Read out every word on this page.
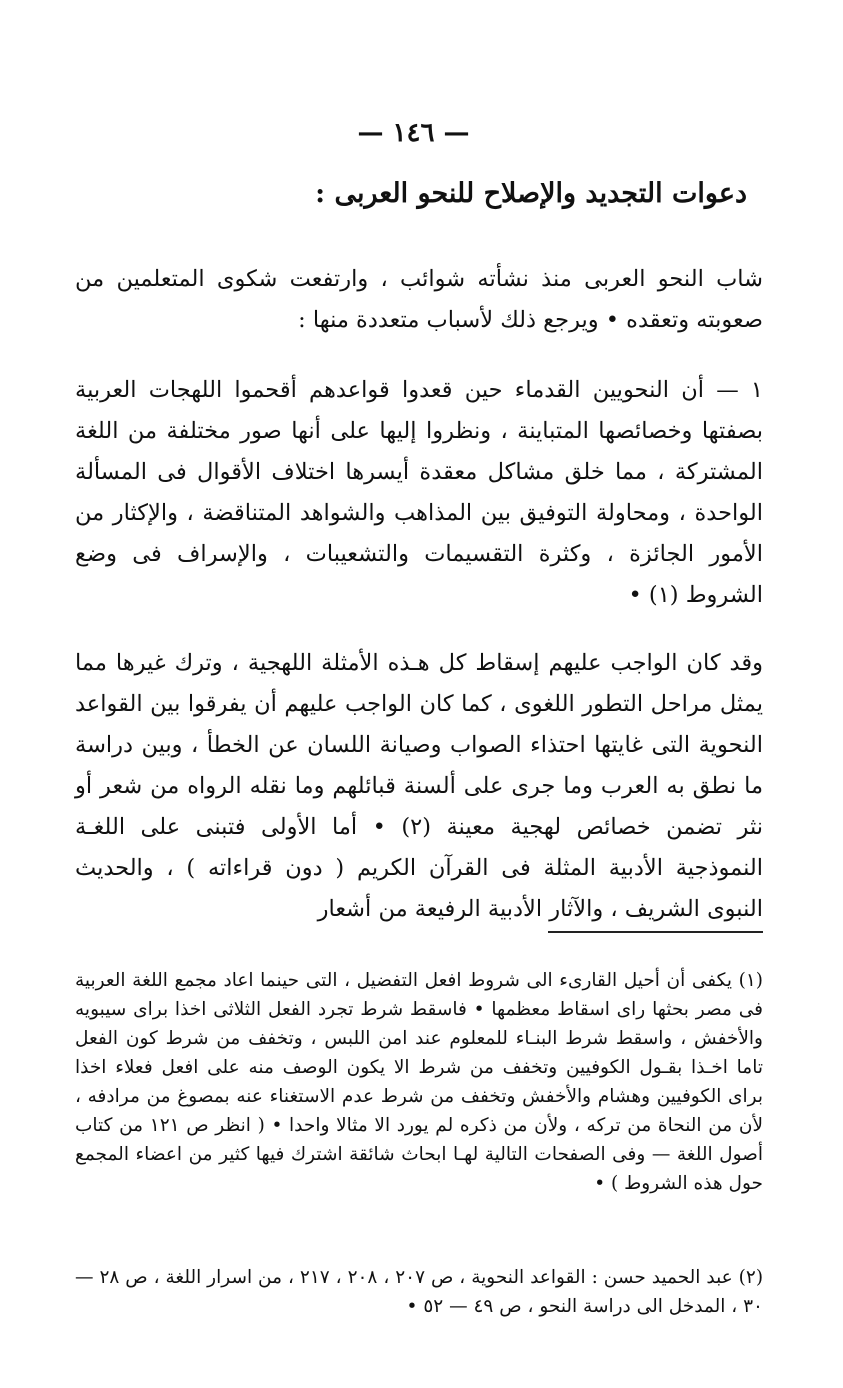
— ١٤٦ —
دعوات التجديد والإصلاح للنحو العربى :

شاب النحو العربى منذ نشأته شوائب ، وارتفعت شكوى المتعلمين من صعوبته وتعقده • ويرجع ذلك لأسباب متعددة منها :

١ — أن النحويين القدماء حين قعدوا قواعدهم أقحموا اللهجات العربية بصفتها وخصائصها المتباينة ، ونظروا إليها على أنها صور مختلفة من اللغة المشتركة ، مما خلق مشاكل معقدة أيسرها اختلاف الأقوال فى المسألة الواحدة ، ومحاولة التوفيق بين المذاهب والشواهد المتناقضة ، والإكثار من الأمور الجائزة ، وكثرة التقسيمات والتشعيبات ، والإسراف فى وضع الشروط (١) •

وقد كان الواجب عليهم إسقاط كل هـذه الأمثلة اللهجية ، وترك غيرها مما يمثل مراحل التطور اللغوى ، كما كان الواجب عليهم أن يفرقوا بين القواعد النحوية التى غايتها احتذاء الصواب وصيانة اللسان عن الخطأ ، وبين دراسة ما نطق به العرب وما جرى على ألسنة قبائلهم وما نقله الرواه من شعر أو نثر تضمن خصائص لهجية معينة (٢) • أما الأولى فتبنى على اللغـة النموذجية الأدبية المثلة فى القرآن الكريم ( دون قراءاته ) ، والحديث النبوى الشريف ، والآثار الأدبية الرفيعة من أشعار

(١) يكفى أن أحيل القارىء الى شروط افعل التفضيل ، التى حينما اعاد مجمع اللغة العربية فى مصر بحثها راى اسقاط معظمها • فاسقط شرط تجرد الفعل الثلاثى اخذا براى سيبويه والأخفش ، واسقط شرط البنـاء للمعلوم عند امن اللبس ، وتخفف من شرط كون الفعل تاما اخـذا بقـول الكوفيين وتخفف من شرط الا يكون الوصف منه على افعل فعلاء اخذا براى الكوفيين وهشام والأخفش وتخفف من شرط عدم الاستغناء عنه بمصوغ من مرادفه ، لأن من النحاة من تركه ، ولأن من ذكره لم يورد الا مثالا واحدا • ( انظر ص ١٢١ من كتاب أصول اللغة — وفى الصفحات التالية لهـا ابحاث شائقة اشترك فيها كثير من اعضاء المجمع حول هذه الشروط ) •

(٢) عبد الحميد حسن : القواعد النحوية ، ص ٢٠٧ ، ٢٠٨ ، ٢١٧ ، من اسرار اللغة ، ص ٢٨ — ٣٠ ، المدخل الى دراسة النحو ، ص ٤٩ — ٥٢ •
